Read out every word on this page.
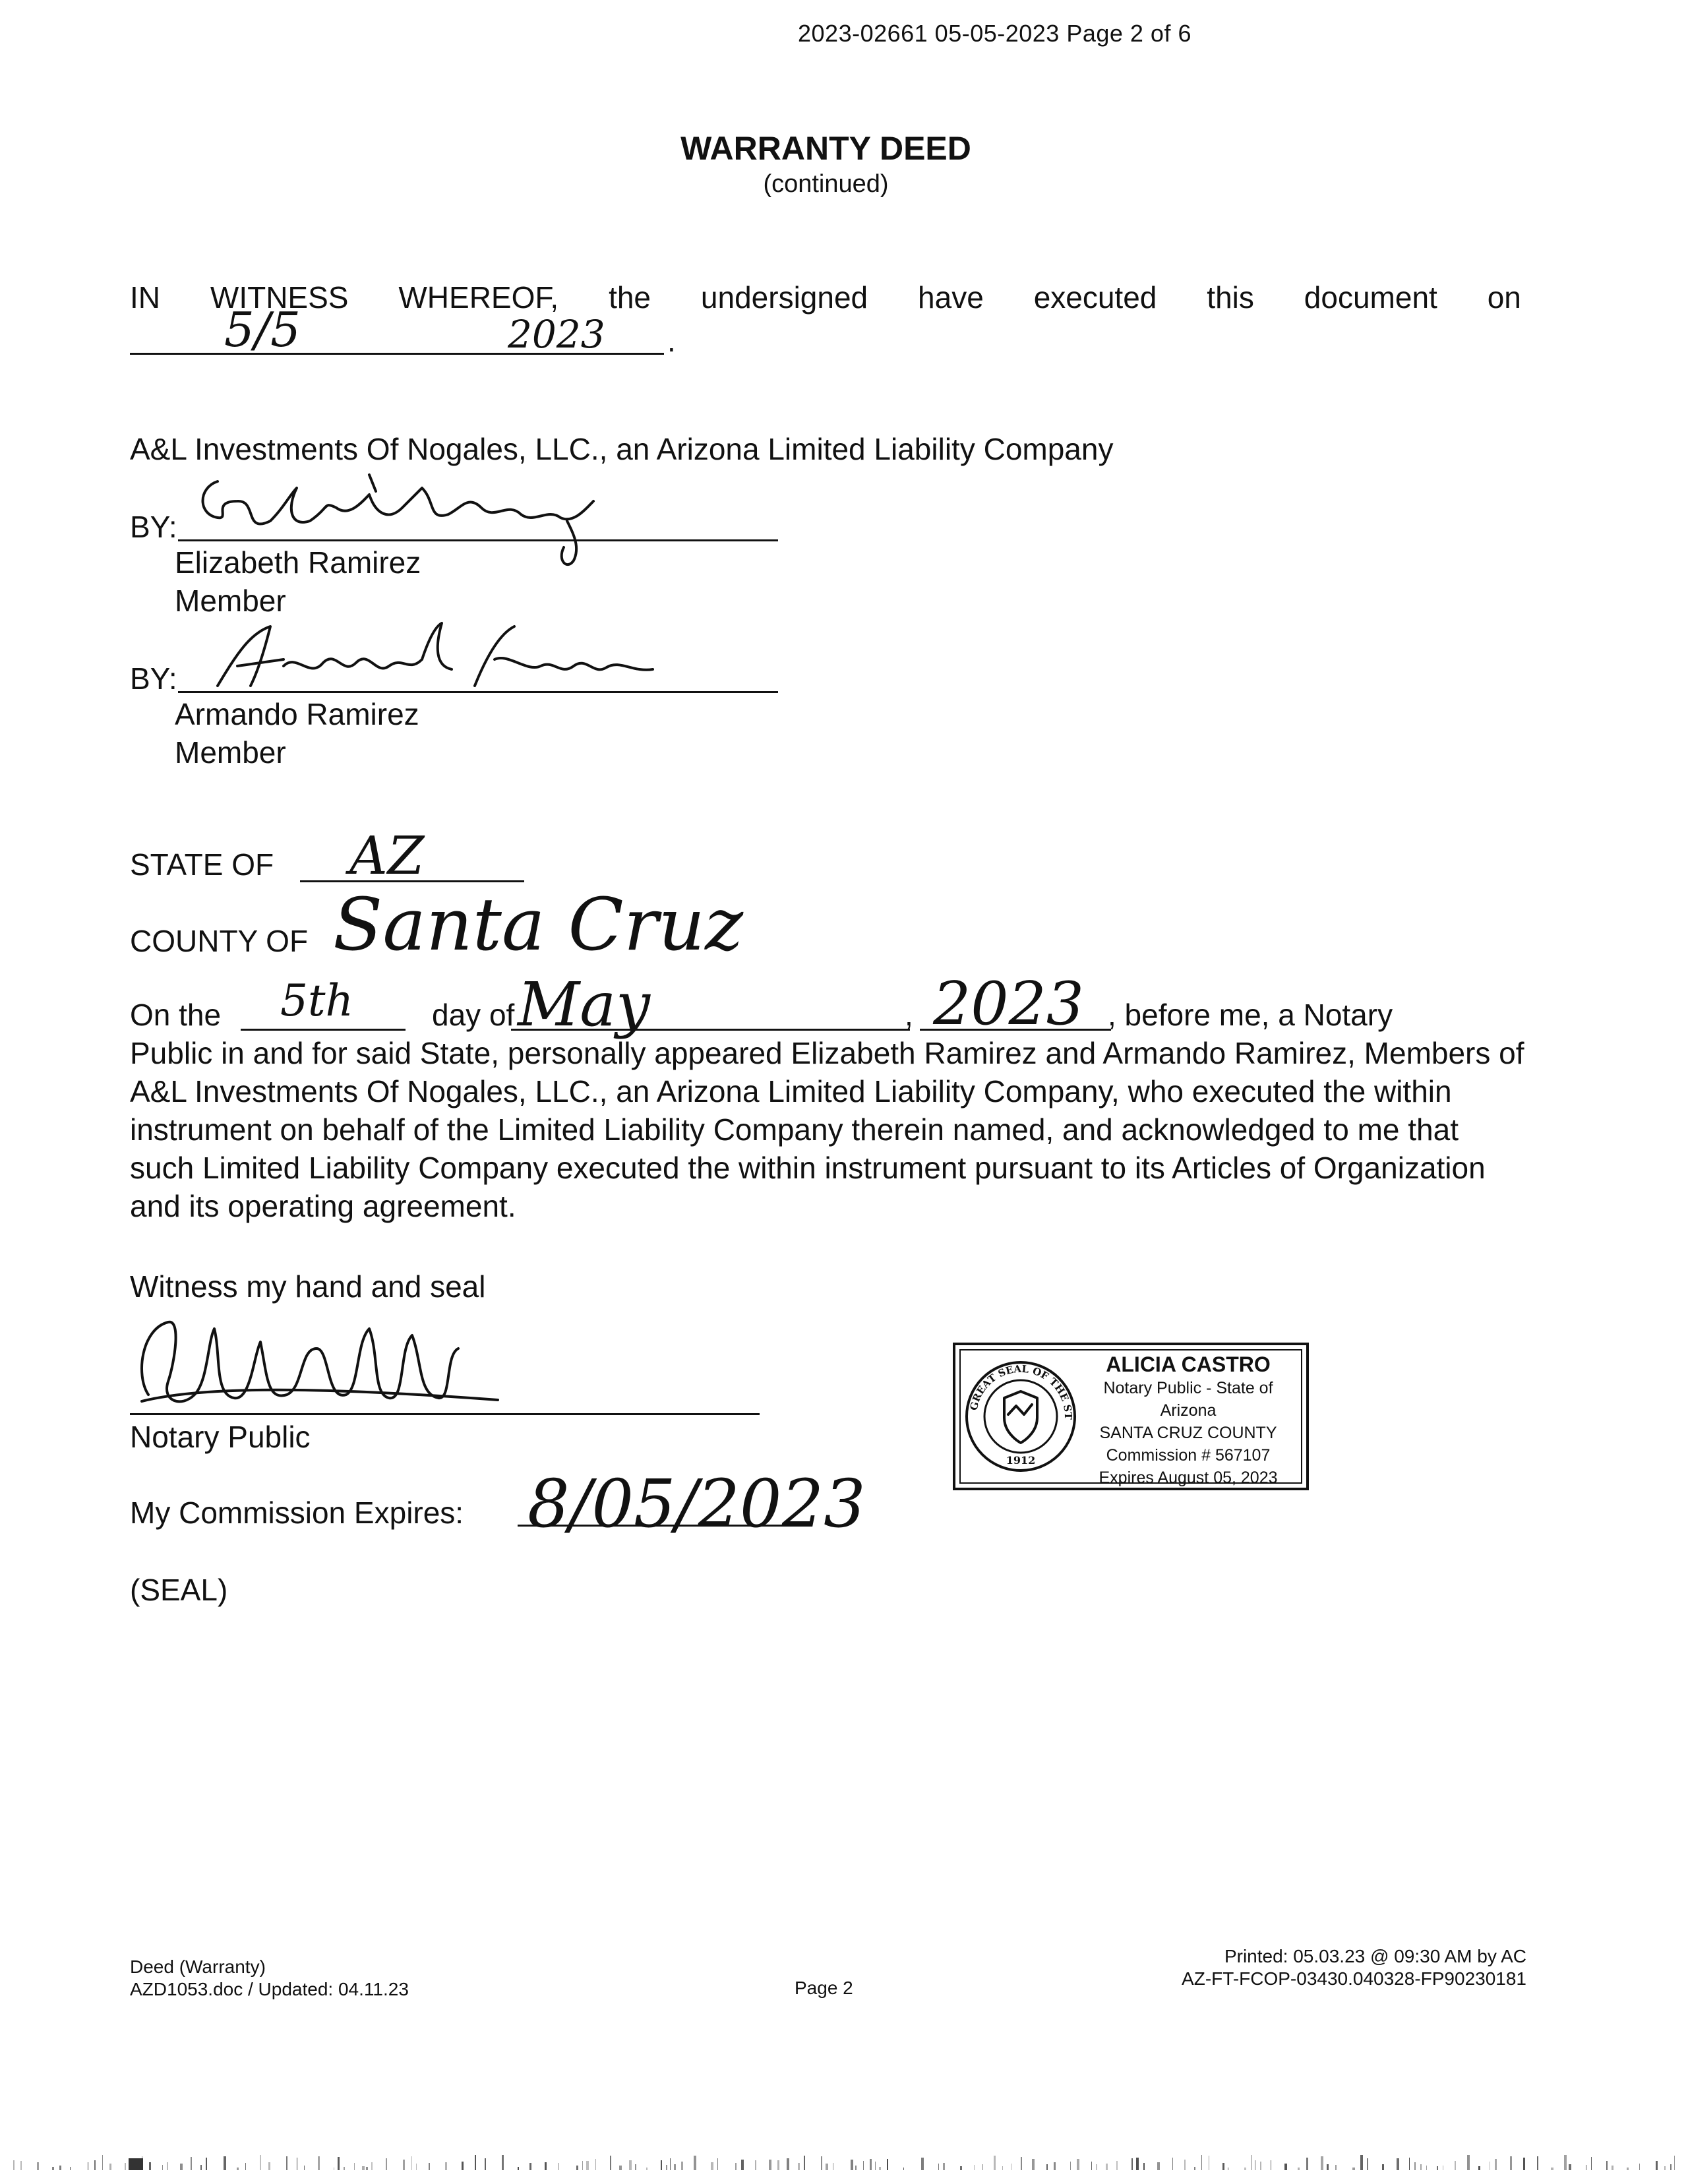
2023-02661 05-05-2023 Page 2 of 6
WARRANTY DEED
(continued)
IN WITNESS WHEREOF, the undersigned have executed this document on
.
5/5	2023
A&L Investments Of Nogales, LLC., an Arizona Limited Liability Company
BY:
Elizabeth Ramirez
Member
BY:
Armando Ramirez
Member
STATE OF AZ
COUNTY OF Santa Cruz
On the 5th	day of May	, 2023 , before me, a Notary
Public in and for said State, personally appeared Elizabeth Ramirez and Armando Ramirez, Members of A&L Investments Of Nogales, LLC., an Arizona Limited Liability Company, who executed the within instrument on behalf of the Limited Liability Company therein named, and acknowledged to me that such Limited Liability Company executed the within instrument pursuant to its Articles of Organization and its operating agreement.
Witness my hand and seal
Notary Public
My Commission Expires: 8/05/2023
(SEAL)
GREAT SEAL OF THE STATE OF ARIZONA
1912
ALICIA CASTRO
Notary Public - State of Arizona
SANTA CRUZ COUNTY
Commission # 567107
Expires August 05, 2023
Deed (Warranty)
AZD1053.doc / Updated: 04.11.23	Page 2
Printed: 05.03.23 @ 09:30 AM by AC
AZ-FT-FCOP-03430.040328-FP90230181
